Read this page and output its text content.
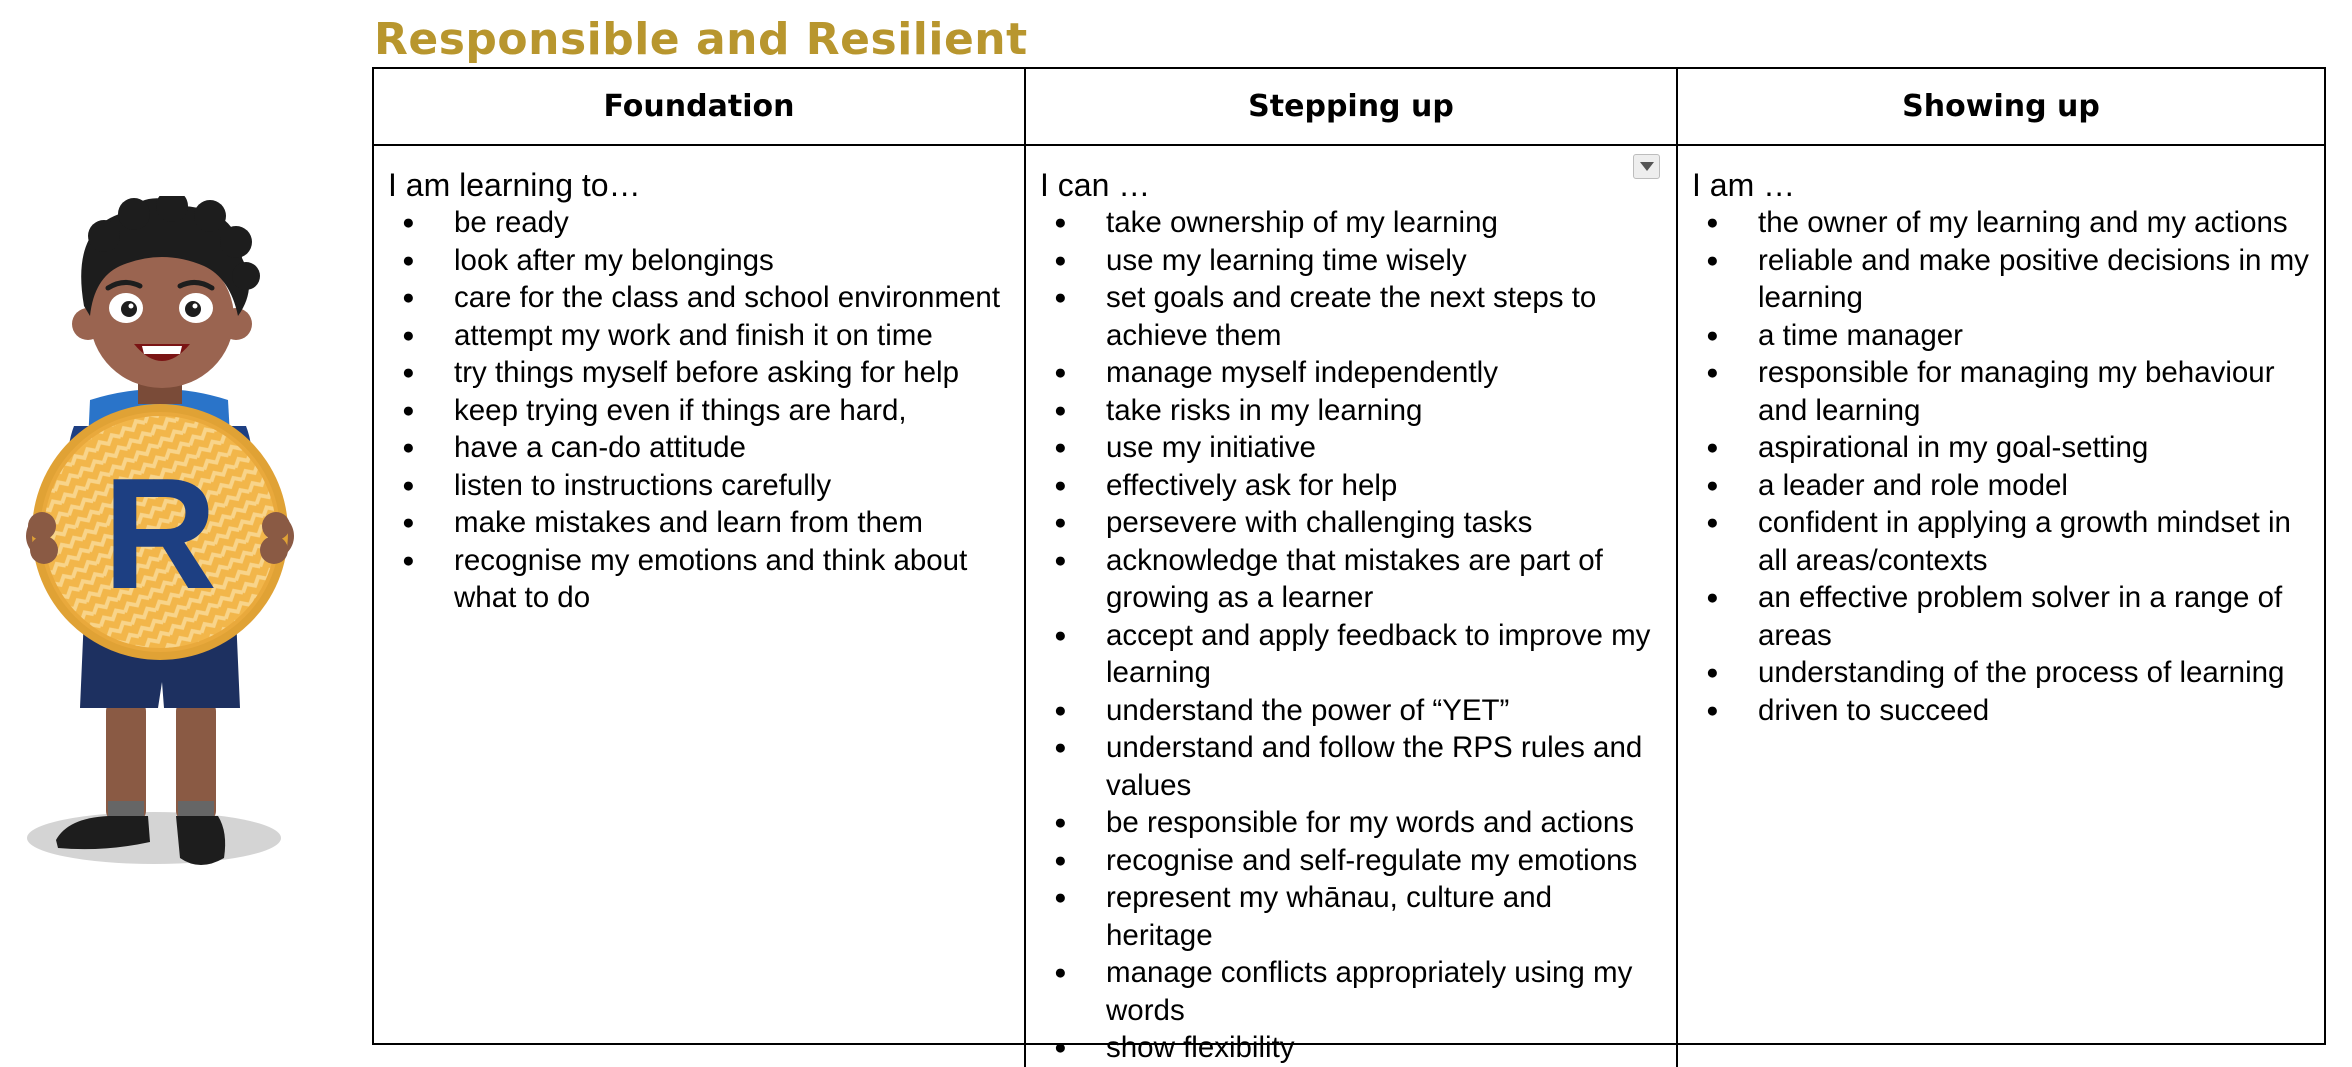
Responsible and Resilient
R
Foundation	Stepping up	Showing up
I am learning to…
● be ready
● look after my belongings
● care for the class and school environment
● attempt my work and finish it on time
● try things myself before asking for help
● keep trying even if things are hard,
● have a can-do attitude
● listen to instructions carefully
● make mistakes and learn from them
● recognise my emotions and think about what to do
I can …
● take ownership of my learning
● use my learning time wisely
● set goals and create the next steps to achieve them
● manage myself independently
● take risks in my learning
● use my initiative
● effectively ask for help
● persevere with challenging tasks
● acknowledge that mistakes are part of growing as a learner
● accept and apply feedback to improve my learning
● understand the power of “YET”
● understand and follow the RPS rules and values
● be responsible for my words and actions
● recognise and self-regulate my emotions
● represent my whānau, culture and heritage
● manage conflicts appropriately using my words
● show flexibility
I am …
● the owner of my learning and my actions
● reliable and make positive decisions in my learning
● a time manager
● responsible for managing my behaviour and learning
● aspirational in my goal-setting
● a leader and role model
● confident in applying a growth mindset in all areas/contexts
● an effective problem solver in a range of areas
● understanding of the process of learning
● driven to succeed
